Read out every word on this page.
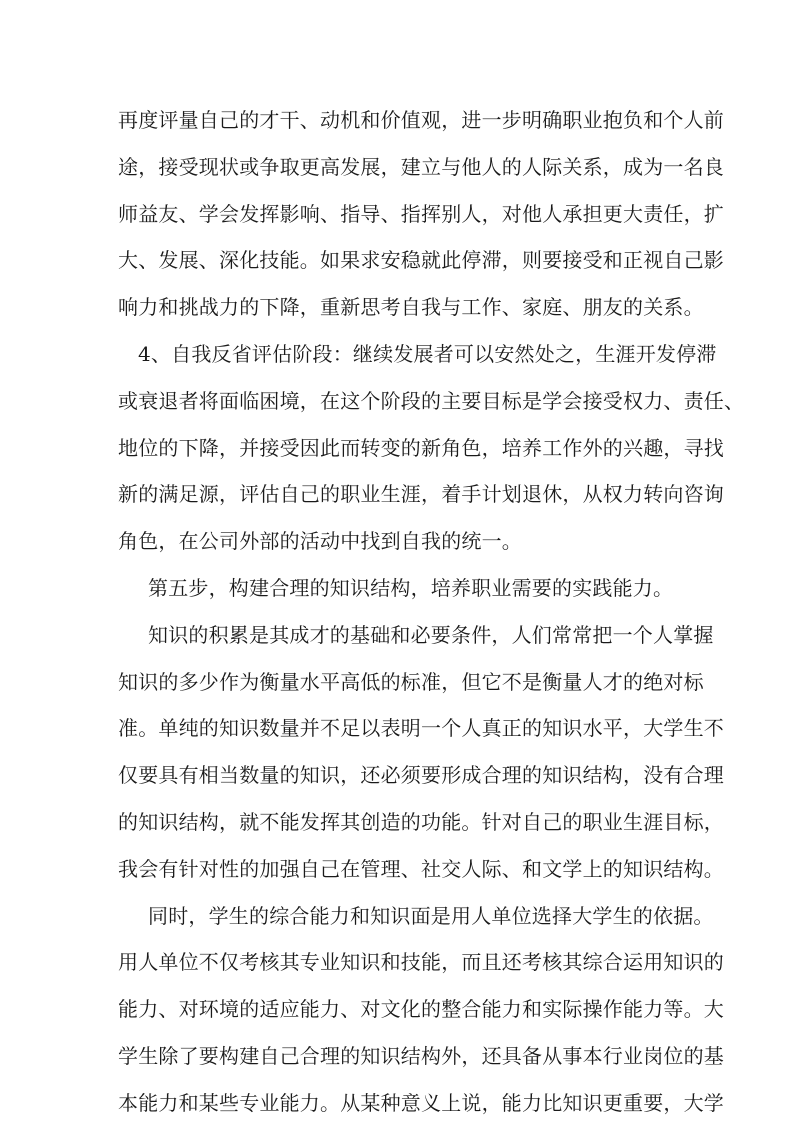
再度评量自己的才干、动机和价值观，进一步明确职业抱负和个人前
途，接受现状或争取更高发展，建立与他人的人际关系，成为一名良
师益友、学会发挥影响、指导、指挥别人，对他人承担更大责任，扩
大、发展、深化技能。如果求安稳就此停滞，则要接受和正视自己影
响力和挑战力的下降，重新思考自我与工作、家庭、朋友的关系。
4、自我反省评估阶段：继续发展者可以安然处之，生涯开发停滞
或衰退者将面临困境，在这个阶段的主要目标是学会接受权力、责任、
地位的下降，并接受因此而转变的新角色，培养工作外的兴趣，寻找
新的满足源，评估自己的职业生涯，着手计划退休，从权力转向咨询
角色，在公司外部的活动中找到自我的统一。
第五步，构建合理的知识结构，培养职业需要的实践能力。
知识的积累是其成才的基础和必要条件，人们常常把一个人掌握
知识的多少作为衡量水平高低的标准，但它不是衡量人才的绝对标
准。单纯的知识数量并不足以表明一个人真正的知识水平，大学生不
仅要具有相当数量的知识，还必须要形成合理的知识结构，没有合理
的知识结构，就不能发挥其创造的功能。针对自己的职业生涯目标，
我会有针对性的加强自己在管理、社交人际、和文学上的知识结构。
同时，学生的综合能力和知识面是用人单位选择大学生的依据。
用人单位不仅考核其专业知识和技能，而且还考核其综合运用知识的
能力、对环境的适应能力、对文化的整合能力和实际操作能力等。大
学生除了要构建自己合理的知识结构外，还具备从事本行业岗位的基
本能力和某些专业能力。从某种意义上说，能力比知识更重要，大学
